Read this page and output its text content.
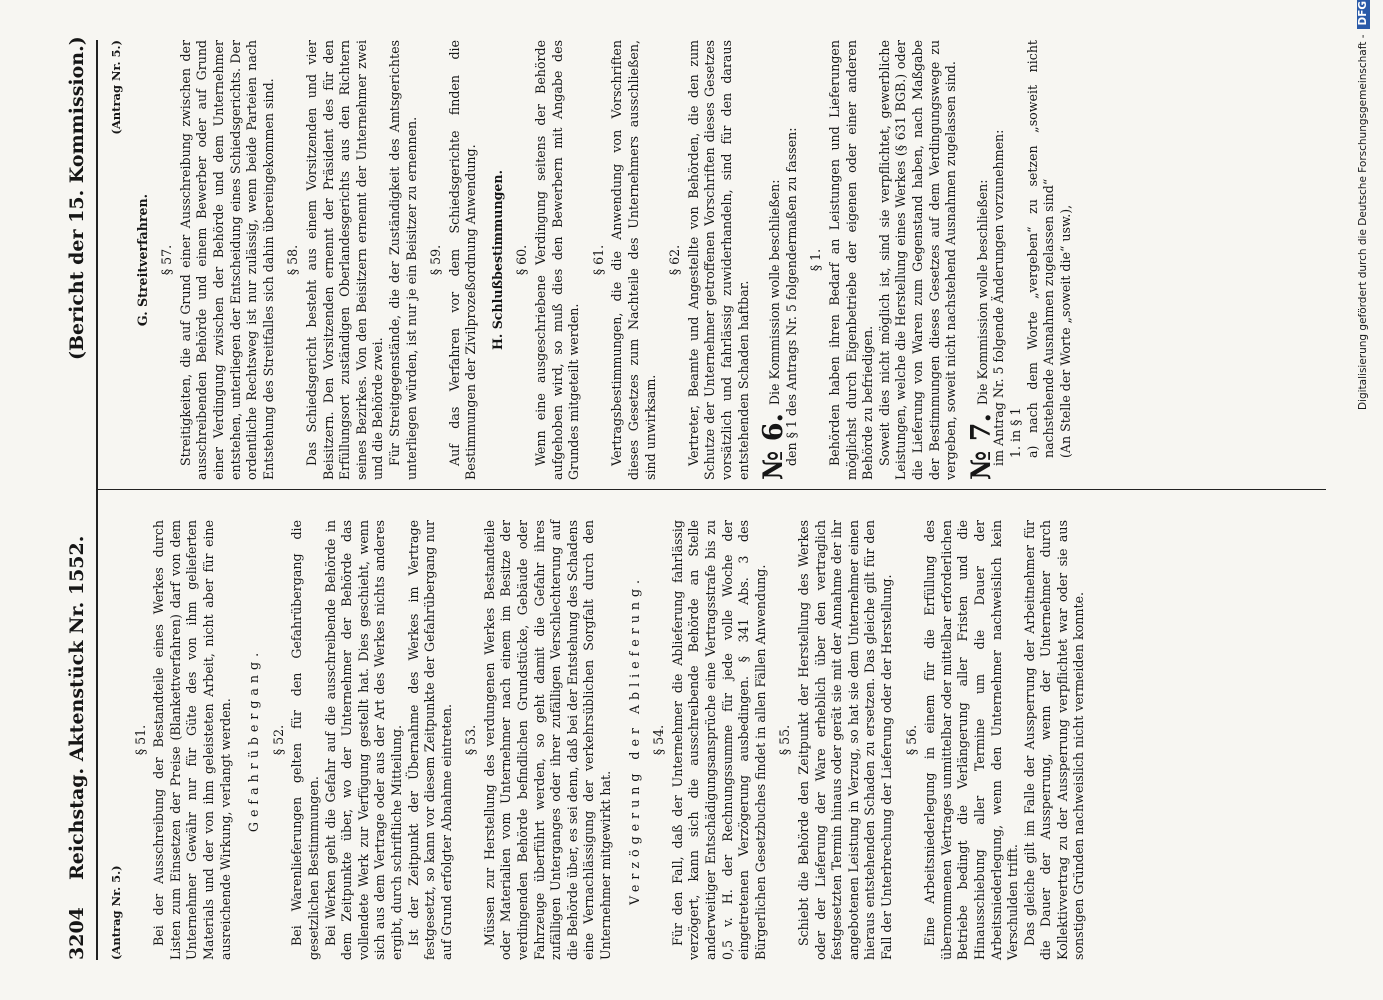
3204
Reichstag. Aktenstück Nr. 1552.
(Bericht der 15. Kommission.)
(Antrag Nr. 5.)
§ 51. Bei der Ausschreibung der Bestandteile eines Werkes durch Listen zum Einsetzen der Preise (Blankettverfahren) darf von dem Unternehmer Gewähr nur für Güte des von ihm gelieferten Materials und der von ihm geleisteten Arbeit, nicht aber für eine ausreichende Wirkung, verlangt werden. Gefahrübergang. § 52. Bei Warenlieferungen gelten für den Gefahrübergang die gesetzlichen Bestimmungen. Bei Werken geht die Gefahr auf die ausschreibende Behörde in dem Zeitpunkte über, wo der Unternehmer der Behörde das vollendete Werk zur Verfügung gestellt hat. Dies geschieht, wenn sich aus dem Vertrage oder aus der Art des Werkes nichts anderes ergibt, durch schriftliche Mitteilung. Ist der Zeitpunkt der Übernahme des Werkes im Vertrage festgesetzt, so kann vor diesem Zeitpunkte der Gefahrübergang nur auf Grund erfolgter Abnahme eintreten. § 53. Müssen zur Herstellung des verdungenen Werkes Bestandteile oder Materialien vom Unternehmer nach einem im Besitze der verdingenden Behörde befindlichen Grundstücke, Gebäude oder Fahrzeuge überführt werden, so geht damit die Gefahr ihres zufälligen Unterganges oder ihrer zufälligen Verschlechterung auf die Behörde über, es sei denn, daß bei der Entstehung des Schadens eine Vernachlässigung der verkehrsüblichen Sorgfalt durch den Unternehmer mitgewirkt hat. Verzögerung der Ablieferung. § 54. Für den Fall, daß der Unternehmer die Ablieferung fahrlässig verzögert, kann sich die ausschreibende Behörde an Stelle anderweitiger Entschädigungsansprüche eine Vertragsstrafe bis zu 0,5 v. H. der Rechnungssumme für jede volle Woche der eingetretenen Verzögerung ausbedingen. § 341 Abs. 3 des Bürgerlichen Gesetzbuches findet in allen Fällen Anwendung. § 55. Schiebt die Behörde den Zeitpunkt der Herstellung des Werkes oder der Lieferung der Ware erheblich über den vertraglich festgesetzten Termin hinaus oder gerät sie mit der Annahme der ihr angebotenen Leistung in Verzug, so hat sie dem Unternehmer einen hieraus entstehenden Schaden zu ersetzen. Das gleiche gilt für den Fall der Unterbrechung der Lieferung oder der Herstellung. § 56. Eine Arbeitsniederlegung in einem für die Erfüllung des übernommenen Vertrages unmittelbar oder mittelbar erforderlichen Betriebe bedingt die Verlängerung aller Fristen und die Hinausschiebung aller Termine um die Dauer der Arbeitsniederlegung, wenn den Unternehmer nachweislich kein Verschulden trifft. Das gleiche gilt im Falle der Aussperrung der Arbeitnehmer für die Dauer der Aussperrung, wenn der Unternehmer durch Kollektivvertrag zu der Aussperrung verpflichtet war oder sie aus sonstigen Gründen nachweislich nicht vermeiden konnte.

(Antrag Nr. 5.)
G. Streitverfahren. § 57. Streitigkeiten, die auf Grund einer Ausschreibung zwischen der ausschreibenden Behörde und einem Bewerber oder auf Grund einer Verdingung zwischen der Behörde und dem Unternehmer entstehen, unterliegen der Entscheidung eines Schiedsgerichts. Der ordentliche Rechtsweg ist nur zulässig, wenn beide Parteien nach Entstehung des Streitfalles sich dahin übereingekommen sind. § 58. Das Schiedsgericht besteht aus einem Vorsitzenden und vier Beisitzern. Den Vorsitzenden ernennt der Präsident des für den Erfüllungsort zuständigen Oberlandesgerichts aus den Richtern seines Bezirkes. Von den Beisitzern ernennt der Unternehmer zwei und die Behörde zwei. Für Streitgegenstände, die der Zuständigkeit des Amtsgerichtes unterliegen würden, ist nur je ein Beisitzer zu ernennen. § 59. Auf das Verfahren vor dem Schiedsgerichte finden die Bestimmungen der Zivilprozeßordnung Anwendung. H. Schlußbestimmungen. § 60. Wenn eine ausgeschriebene Verdingung seitens der Behörde aufgehoben wird, so muß dies den Bewerbern mit Angabe des Grundes mitgeteilt werden.

§ 61. Vertragsbestimmungen, die die Anwendung von Vorschriften dieses Gesetzes zum Nachteile des Unternehmers ausschließen, sind unwirksam.

§ 62. Vertreter, Beamte und Angestellte von Behörden, die den zum Schutze der Unternehmer getroffenen Vorschriften dieses Gesetzes vorsätzlich und fahrlässig zuwiderhandeln, sind für den daraus entstehenden Schaden haftbar. № 6.Die Kommission wolle beschließen: den § 1 des Antrags Nr. 5 folgendermaßen zu fassen: § 1. Behörden haben ihren Bedarf an Leistungen und Lieferungen möglichst durch Eigenbetriebe der eigenen oder einer anderen Behörde zu befriedigen. Soweit dies nicht möglich ist, sind sie verpflichtet, gewerbliche Leistungen, welche die Herstellung eines Werkes (§ 631 BGB.) oder die Lieferung von Waren zum Gegenstand haben, nach Maßgabe der Bestimmungen dieses Gesetzes auf dem Verdingungswege zu vergeben, soweit nicht nachstehend Ausnahmen zugelassen sind. № 7.Die Kommission wolle beschließen: im Antrag Nr. 5 folgende Änderungen vorzunehmen: 1. in § 1 a) nach dem Worte „vergeben“ zu setzen „soweit nicht nachstehende Ausnahmen zugelassen sind“ (An Stelle der Worte „soweit die“ usw.),	Digitalisierung gefördert durch die Deutsche Forschungsgemeinschaft -DFG
